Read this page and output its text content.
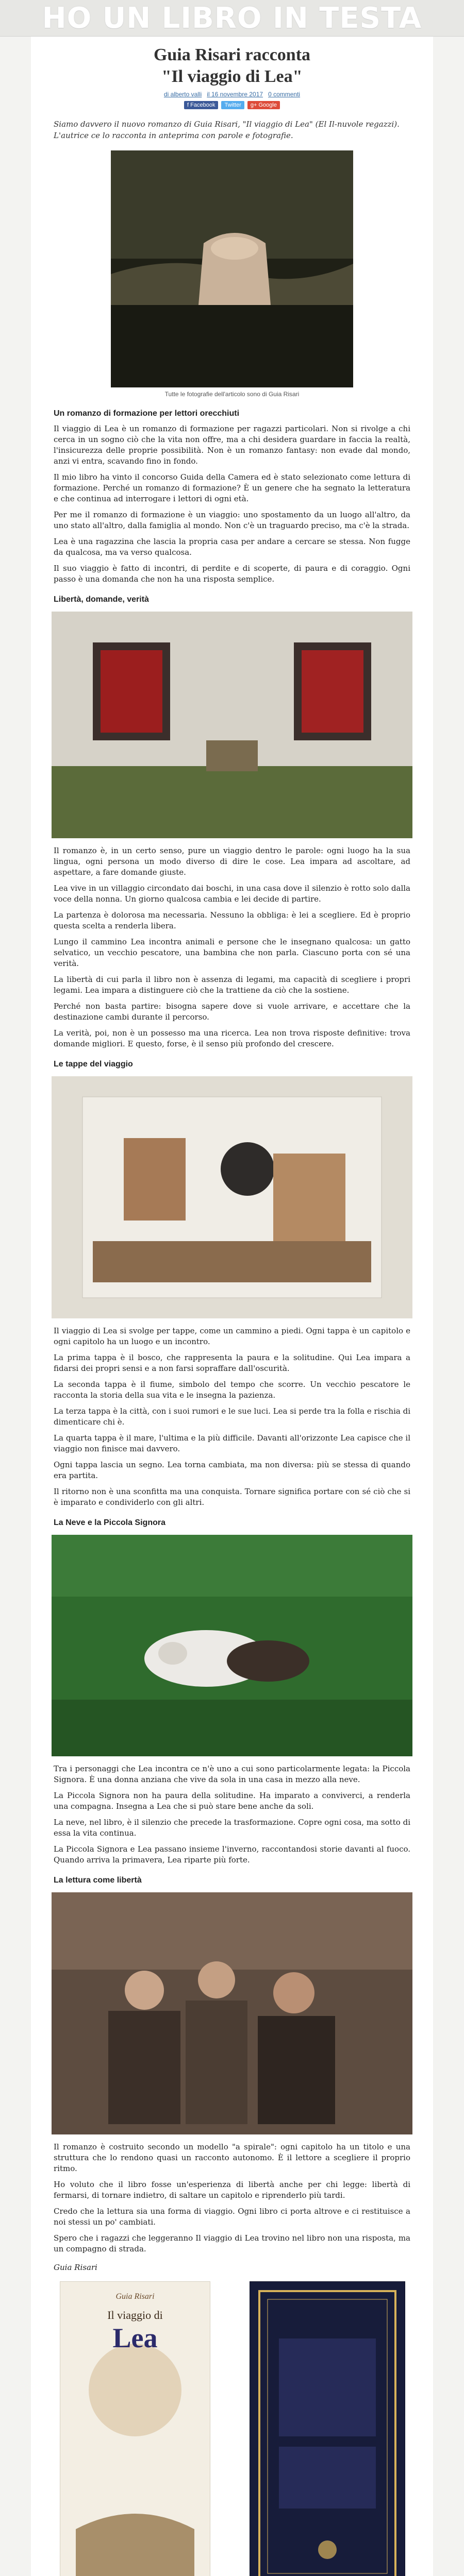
HO UN LIBRO IN TESTA
Guia Risari racconta
"Il viaggio di Lea"
di alberto valli il 16 novembre 2017 0 commenti
f Facebook	Twitter	g+ Google

Siamo davvero il nuovo romanzo di Guia Risari, "Il viaggio di Lea" (El Il-nuvole regazzi). L'autrice ce lo racconta in anteprima con parole e fotografie.

Tutte le fotografie dell'articolo sono di Guia Risari
Un romanzo di formazione per lettori orecchiuti

Il viaggio di Lea è un romanzo di formazione per ragazzi particolari. Non si rivolge a chi cerca in un sogno ciò che la vita non offre, ma a chi desidera guardare in faccia la realtà, l'insicurezza delle proprie possibilità. Non è un romanzo fantasy: non evade dal mondo, anzi vi entra, scavando fino in fondo.

Il mio libro ha vinto il concorso Guida della Camera ed è stato selezionato come lettura di formazione. Perché un romanzo di formazione? È un genere che ha segnato la letteratura e che continua ad interrogare i lettori di ogni età.

Per me il romanzo di formazione è un viaggio: uno spostamento da un luogo all'altro, da uno stato all'altro, dalla famiglia al mondo. Non c'è un traguardo preciso, ma c'è la strada.

Lea è una ragazzina che lascia la propria casa per andare a cercare se stessa. Non fugge da qualcosa, ma va verso qualcosa.

Il suo viaggio è fatto di incontri, di perdite e di scoperte, di paura e di coraggio. Ogni passo è una domanda che non ha una risposta semplice.

Libertà, domande, verità

Il romanzo è, in un certo senso, pure un viaggio dentro le parole: ogni luogo ha la sua lingua, ogni persona un modo diverso di dire le cose. Lea impara ad ascoltare, ad aspettare, a fare domande giuste.

Lea vive in un villaggio circondato dai boschi, in una casa dove il silenzio è rotto solo dalla voce della nonna. Un giorno qualcosa cambia e lei decide di partire.

La partenza è dolorosa ma necessaria. Nessuno la obbliga: è lei a scegliere. Ed è proprio questa scelta a renderla libera.

Lungo il cammino Lea incontra animali e persone che le insegnano qualcosa: un gatto selvatico, un vecchio pescatore, una bambina che non parla. Ciascuno porta con sé una verità.

La libertà di cui parla il libro non è assenza di legami, ma capacità di scegliere i propri legami. Lea impara a distinguere ciò che la trattiene da ciò che la sostiene.

Perché non basta partire: bisogna sapere dove si vuole arrivare, e accettare che la destinazione cambi durante il percorso.

La verità, poi, non è un possesso ma una ricerca. Lea non trova risposte definitive: trova domande migliori. E questo, forse, è il senso più profondo del crescere.

Le tappe del viaggio

Il viaggio di Lea si svolge per tappe, come un cammino a piedi. Ogni tappa è un capitolo e ogni capitolo ha un luogo e un incontro.

La prima tappa è il bosco, che rappresenta la paura e la solitudine. Qui Lea impara a fidarsi dei propri sensi e a non farsi sopraffare dall'oscurità.

La seconda tappa è il fiume, simbolo del tempo che scorre. Un vecchio pescatore le racconta la storia della sua vita e le insegna la pazienza.

La terza tappa è la città, con i suoi rumori e le sue luci. Lea si perde tra la folla e rischia di dimenticare chi è.

La quarta tappa è il mare, l'ultima e la più difficile. Davanti all'orizzonte Lea capisce che il viaggio non finisce mai davvero.

Ogni tappa lascia un segno. Lea torna cambiata, ma non diversa: più se stessa di quando era partita.

Il ritorno non è una sconfitta ma una conquista. Tornare significa portare con sé ciò che si è imparato e condividerlo con gli altri.

La Neve e la Piccola Signora

Tra i personaggi che Lea incontra ce n'è uno a cui sono particolarmente legata: la Piccola Signora. È una donna anziana che vive da sola in una casa in mezzo alla neve.

La Piccola Signora non ha paura della solitudine. Ha imparato a conviverci, a renderla una compagna. Insegna a Lea che si può stare bene anche da soli.

La neve, nel libro, è il silenzio che precede la trasformazione. Copre ogni cosa, ma sotto di essa la vita continua.

La Piccola Signora e Lea passano insieme l'inverno, raccontandosi storie davanti al fuoco. Quando arriva la primavera, Lea riparte più forte.

La lettura come libertà

Il romanzo è costruito secondo un modello "a spirale": ogni capitolo ha un titolo e una struttura che lo rendono quasi un racconto autonomo. È il lettore a scegliere il proprio ritmo.

Ho voluto che il libro fosse un'esperienza di libertà anche per chi legge: libertà di fermarsi, di tornare indietro, di saltare un capitolo e riprenderlo più tardi.

Credo che la lettura sia una forma di viaggio. Ogni libro ci porta altrove e ci restituisce a noi stessi un po' cambiati.

Spero che i ragazzi che leggeranno Il viaggio di Lea trovino nel libro non una risposta, ma un compagno di strada.

Guia Risari
Guia Risari
Il viaggio di
Lea
